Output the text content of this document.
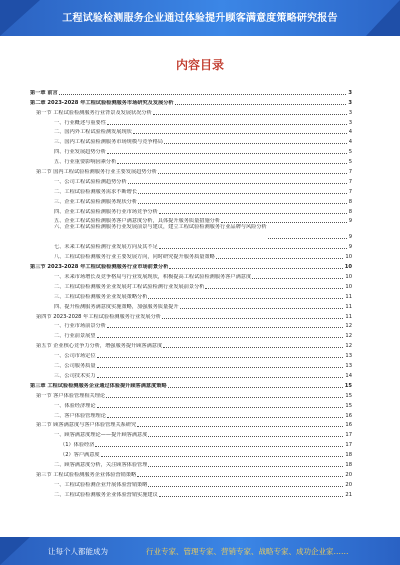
工程试验检测服务企业通过体验提升顾客满意度策略研究报告
内容目录
第一章 前言	3
第二章 2023-2028 年工程试验检测服务市场研究及发展分析	3
第一节 工程试验检测服务行业背景及发展状况分析	3
一、行业概述与重要性	3
二、国内外工程试验检测发展现状	4
三、国内工程试验检测服务市场规模与竞争格局	4
四、行业发展趋势分析	5
五、行业重要影响因素分析	5
第二节 国内工程试验检测服务行业主要发展趋势分析	7
一、公司工程试验检测趋势分析	7
二、工程试验检测服务需求不断增长	7
三、企业工程试验检测服务现状分析	8
四、企业工程试验检测服务行业市场竞争分析	8
五、企业工程试验检测服务客户满意度分析，具体提升服务质量措施分析	9
六、企业工程试验检测服务行业发展前景与建议，建立工程试验检测服务行业品牌与风险分析
9
七、未来工程试验检测行业发展方向及其不足	9
八、工程试验检测服务行业主要发展方向，同时研究提升服务质量策略	10
第三节 2023-2028 年工程试验检测服务行业市场前景分析	10
一、未来市场增长及竞争格局与行业发展现状，积极提高工程试验检测服务客户满意度	10
二、工程试验检测服务企业发展对工程试验检测行业发展前景分析	10
三、工程试验检测服务企业发展策略分析	11
四、提升检测服务满意度实施策略，加强服务质量提升	11
第四节 2023-2028 年工程试验检测服务行业发展分析	11
一、行业市场前景分析	12
二、行业前景展望	12
第五节 企业核心竞争力分析，增强服务提升顾客满意度	12
一、公司市场定位	13
二、公司服务质量	13
三、公司技术实力	14
第三章 工程试验检测服务企业通过体验提升顾客满意度策略	15
第一节 客户体验管理相关理论	15
一、体验经济理论	15
二、客户体验管理理论	16
第二节 顾客满意度与客户体验管理关系研究	16
一、顾客满意度理论——提升顾客满意度	17
（1）体验经济	17
（2）客户满意度	18
二、顾客满意度分析，关注顾客体验管理	18
第三节 工程试验检测服务企业体验营销策略	20
一、工程试验检测企业开展体验营销策略	20
二、工程试验检测服务企业体验营销实施建议	21
让每个人都能成为	行业专家、管理专家、营销专家、战略专家、成功企业家……
